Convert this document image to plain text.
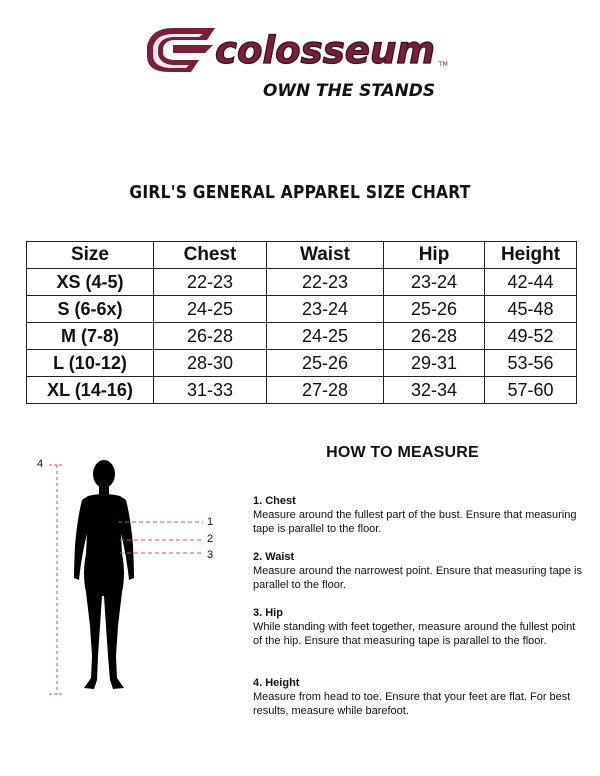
colosseum TM
OWN THE STANDS
GIRL'S GENERAL APPAREL SIZE CHART
Size	Chest	Waist	Hip	Height
XS (4-5)	22-23	22-23	23-24	42-44
S (6-6x)	24-25	23-24	25-26	45-48
M (7-8)	26-28	24-25	26-28	49-52
L (10-12)	28-30	25-26	29-31	53-56
XL (14-16)	31-33	27-28	32-34	57-60
HOW TO MEASURE
1
2
3
4
1. Chest
Measure around the fullest part of the bust. Ensure that measuring tape is parallel to the floor.
2. Waist
Measure around the narrowest point. Ensure that measuring tape is parallel to the floor.
3. Hip
While standing with feet together, measure around the fullest point of the hip. Ensure that measuring tape is parallel to the floor.
4. Height
Measure from head to toe. Ensure that your feet are flat. For best results, measure while barefoot.
